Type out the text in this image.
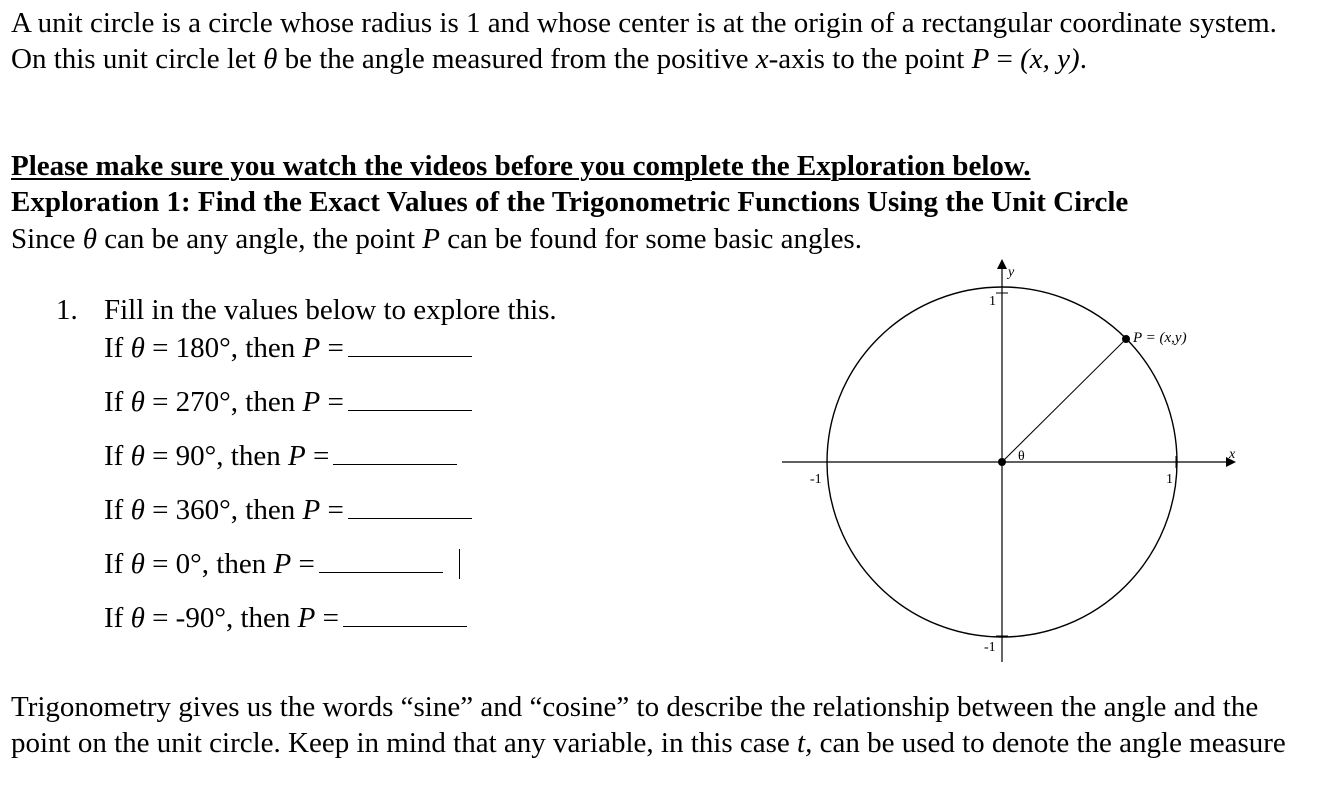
A unit circle is a circle whose radius is 1 and whose center is at the origin of a rectangular coordinate system. On this unit circle let θ be the angle measured from the positive x-axis to the point P = (x, y).

Please make sure you watch the videos before you complete the Exploration below.

Exploration 1: Find the Exact Values of the Trigonometric Functions Using the Unit Circle

Since θ can be any angle, the point P can be found for some basic angles.

1. Fill in the values below to explore this.
If θ = 180°, then P =
If θ = 270°, then P =
If θ = 90°, then P =
If θ = 360°, then P =
If θ = 0°, then P =
If θ = -90°, then P =
y
x
1
-1
-1	1
θ
P = (x,y)

Trigonometry gives us the words “sine” and “cosine” to describe the relationship between the angle and the point on the unit circle. Keep in mind that any variable, in this case t, can be used to denote the angle measure
